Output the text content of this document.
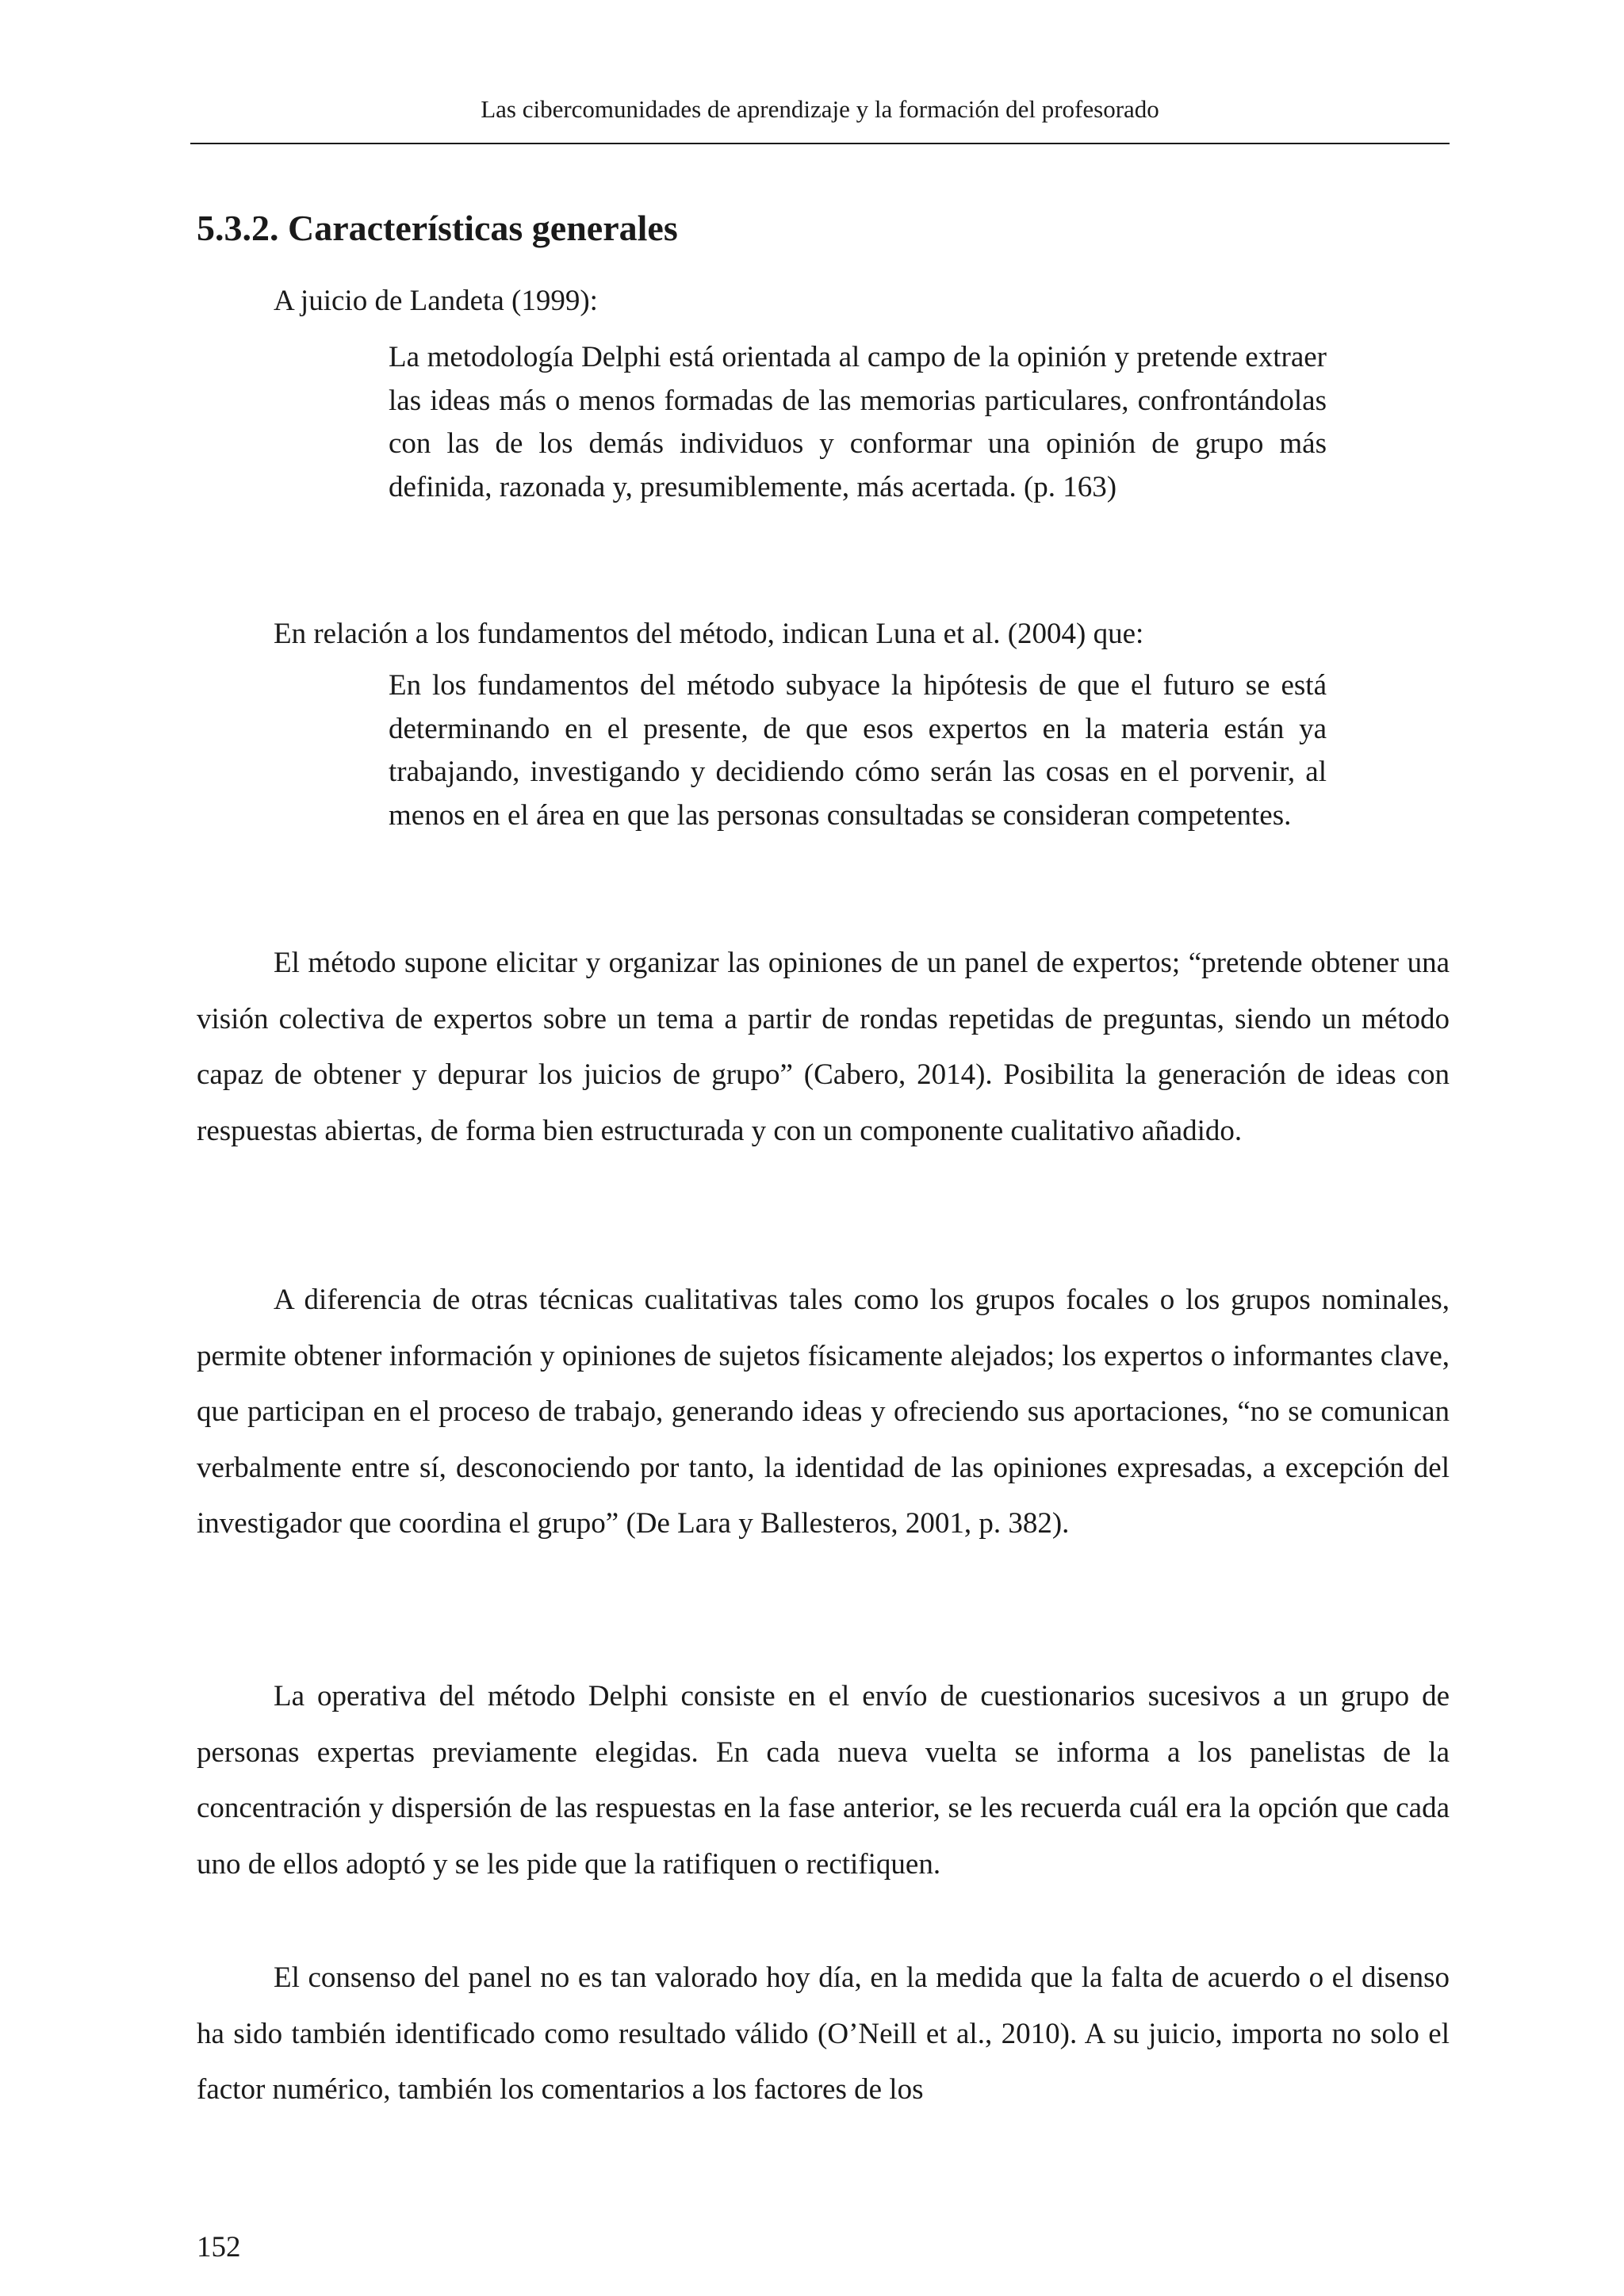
Las cibercomunidades de aprendizaje y la formación del profesorado
5.3.2. Características generales

A juicio de Landeta (1999):

La metodología Delphi está orientada al campo de la opinión y pretende extraer las ideas más o menos formadas de las memorias particulares, confrontándolas con las de los demás individuos y conformar una opinión de grupo más definida, razonada y, presumiblemente, más acertada. (p. 163)

En relación a los fundamentos del método, indican Luna et al. (2004) que:

En los fundamentos del método subyace la hipótesis de que el futuro se está determinando en el presente, de que esos expertos en la materia están ya trabajando, investigando y decidiendo cómo serán las cosas en el porvenir, al menos en el área en que las personas consultadas se consideran competentes.

El método supone elicitar y organizar las opiniones de un panel de expertos; “pretende obtener una visión colectiva de expertos sobre un tema a partir de rondas repetidas de preguntas, siendo un método capaz de obtener y depurar los juicios de grupo” (Cabero, 2014). Posibilita la generación de ideas con respuestas abiertas, de forma bien estructurada y con un componente cualitativo añadido.

A diferencia de otras técnicas cualitativas tales como los grupos focales o los grupos nominales, permite obtener información y opiniones de sujetos físicamente alejados; los expertos o informantes clave, que participan en el proceso de trabajo, generando ideas y ofreciendo sus aportaciones, “no se comunican verbalmente entre sí, desconociendo por tanto, la identidad de las opiniones expresadas, a excepción del investigador que coordina el grupo” (De Lara y Ballesteros, 2001, p. 382).

La operativa del método Delphi consiste en el envío de cuestionarios sucesivos a un grupo de personas expertas previamente elegidas. En cada nueva vuelta se informa a los panelistas de la concentración y dispersión de las respuestas en la fase anterior, se les recuerda cuál era la opción que cada uno de ellos adoptó y se les pide que la ratifiquen o rectifiquen.

El consenso del panel no es tan valorado hoy día, en la medida que la falta de acuerdo o el disenso ha sido también identificado como resultado válido (O’Neill et al., 2010). A su juicio, importa no solo el factor numérico, también los comentarios a los factores de los

152
